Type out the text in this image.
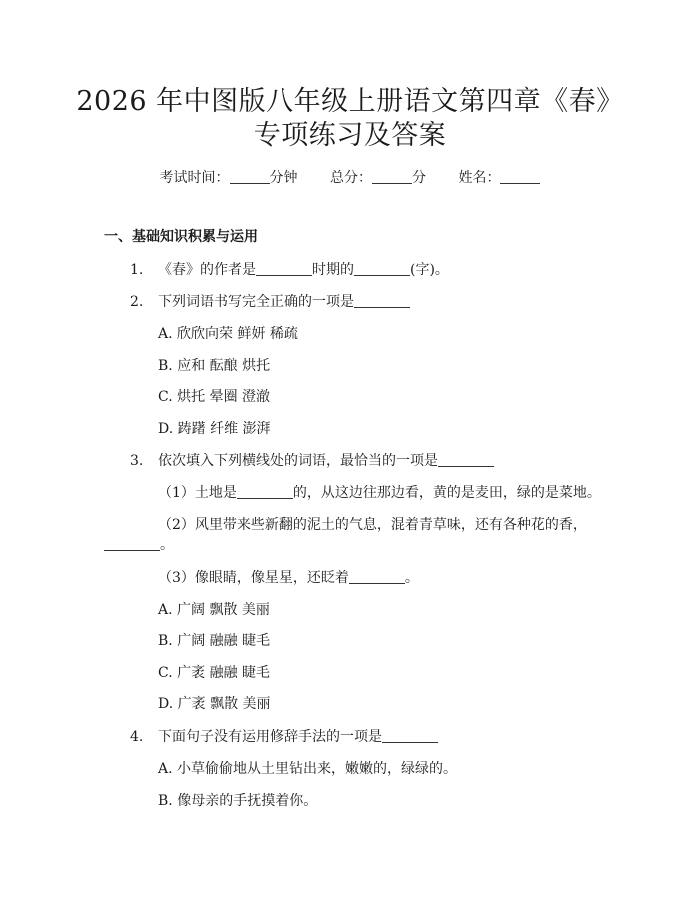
2026 年中图版八年级上册语文第四章《春》
专项练习及答案
考试时间：	分钟 总分：	分 姓名：
一、基础知识积累与运用
1. 《春》的作者是	时期的	(字)。
2. 下列词语书写完全正确的一项是
A. 欣欣向荣 鲜妍 稀疏
B. 应和 酝酿 烘托
C. 烘托 晕圈 澄澈
D. 踌躇 纤维 澎湃
3. 依次填入下列横线处的词语，最恰当的一项是
（1）土地是	的，从这边往那边看，黄的是麦田，绿的是菜地。
（2）风里带来些新翻的泥土的气息，混着青草味，还有各种花的香，
。
（3）像眼睛，像星星，还眨着	。
A. 广阔 飘散 美丽
B. 广阔 融融 睫毛
C. 广袤 融融 睫毛
D. 广袤 飘散 美丽
4. 下面句子没有运用修辞手法的一项是
A. 小草偷偷地从土里钻出来，嫩嫩的，绿绿的。
B. 像母亲的手抚摸着你。
